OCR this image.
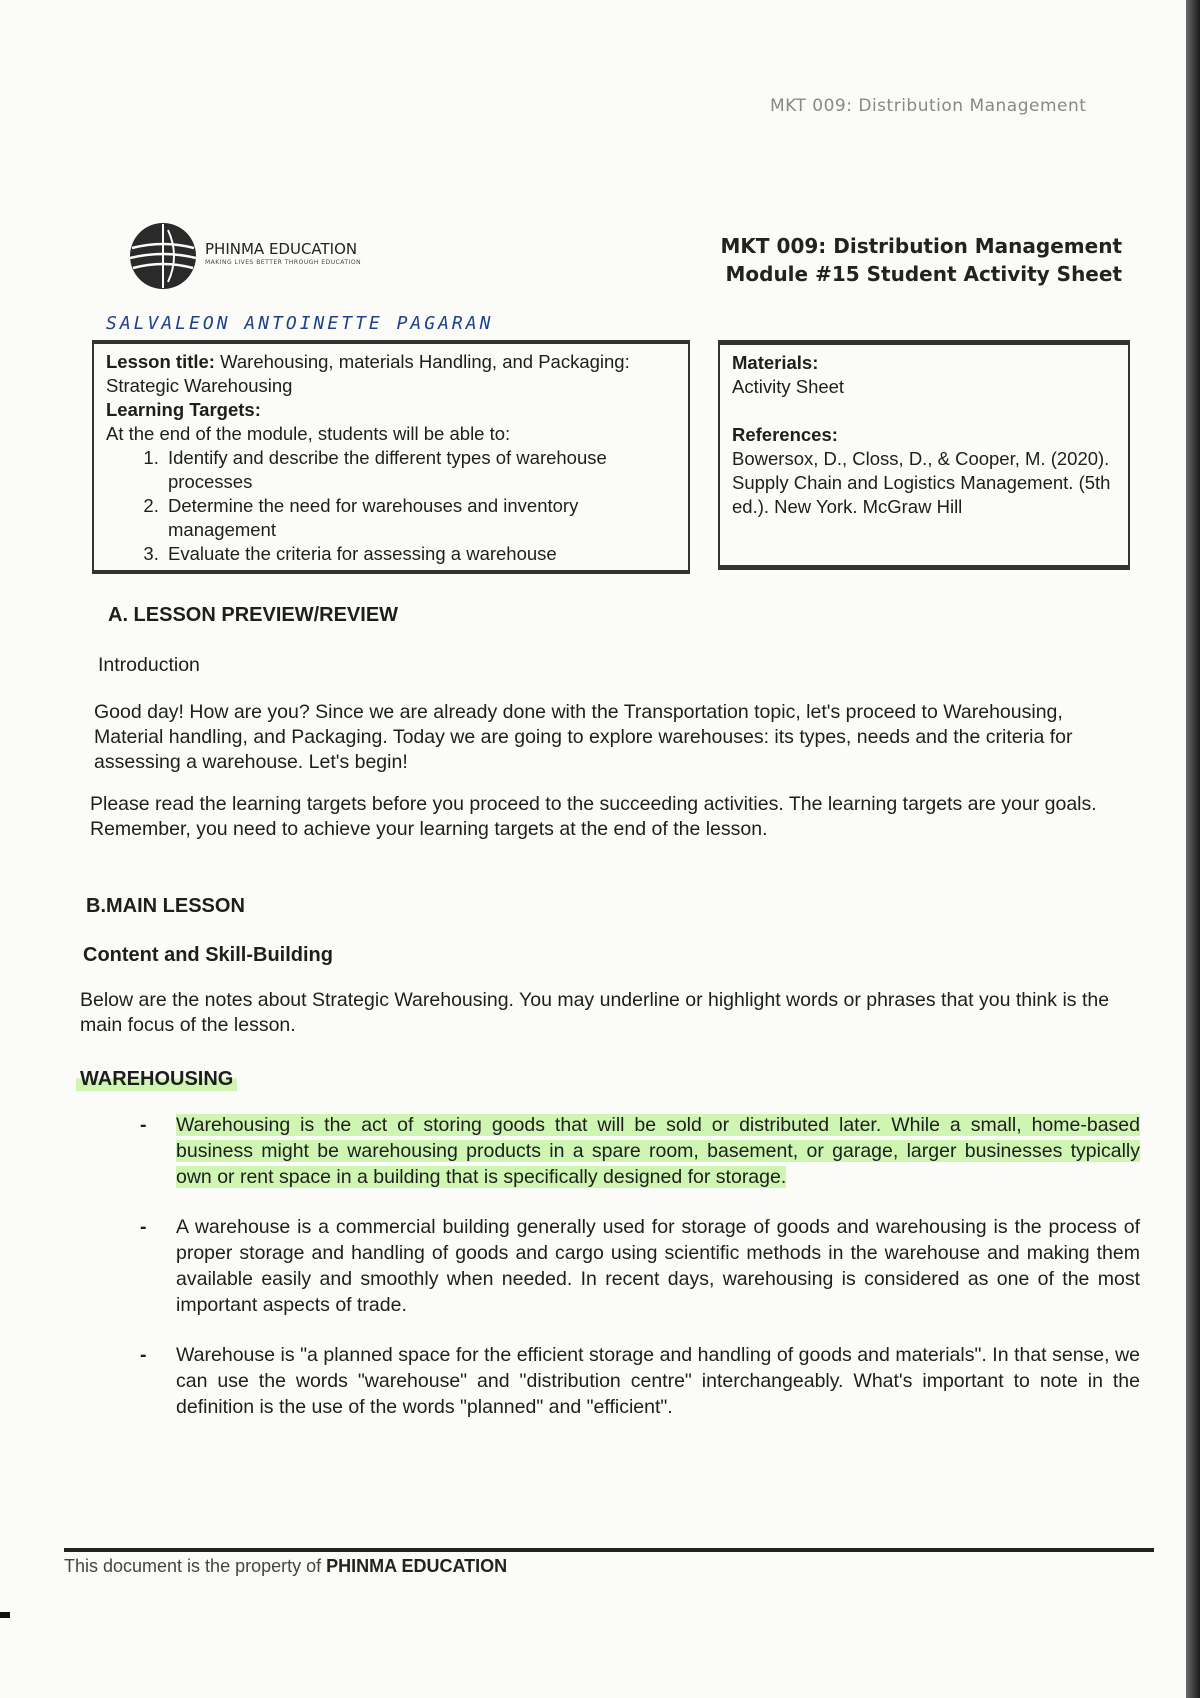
MKT 009: Distribution Management
PHINMA EDUCATION
MAKING LIVES BETTER THROUGH EDUCATION
MKT 009: Distribution Management
Module #15 Student Activity Sheet
SALVALEON ANTOINETTE PAGARAN
Lesson title: Warehousing, materials Handling, and Packaging: Strategic Warehousing
Learning Targets:
At the end of the module, students will be able to:
1. Identify and describe the different types of warehouse processes
2. Determine the need for warehouses and inventory management
3. Evaluate the criteria for assessing a warehouse
Materials:
Activity Sheet
References:
Bowersox, D., Closs, D., & Cooper, M. (2020). Supply Chain and Logistics Management. (5th ed.). New York. McGraw Hill
A. LESSON PREVIEW/REVIEW
Introduction
Good day! How are you? Since we are already done with the Transportation topic, let's proceed to Warehousing, Material handling, and Packaging. Today we are going to explore warehouses: its types, needs and the criteria for assessing a warehouse. Let's begin!
Please read the learning targets before you proceed to the succeeding activities. The learning targets are your goals. Remember, you need to achieve your learning targets at the end of the lesson.
B.MAIN LESSON
Content and Skill-Building
Below are the notes about Strategic Warehousing. You may underline or highlight words or phrases that you think is the main focus of the lesson.
WAREHOUSING
- Warehousing is the act of storing goods that will be sold or distributed later. While a small, home-based business might be warehousing products in a spare room, basement, or garage, larger businesses typically own or rent space in a building that is specifically designed for storage.
- A warehouse is a commercial building generally used for storage of goods and warehousing is the process of proper storage and handling of goods and cargo using scientific methods in the warehouse and making them available easily and smoothly when needed. In recent days, warehousing is considered as one of the most important aspects of trade.
- Warehouse is "a planned space for the efficient storage and handling of goods and materials". In that sense, we can use the words "warehouse" and "distribution centre" interchangeably. What's important to note in the definition is the use of the words "planned" and "efficient".
This document is the property of PHINMA EDUCATION
